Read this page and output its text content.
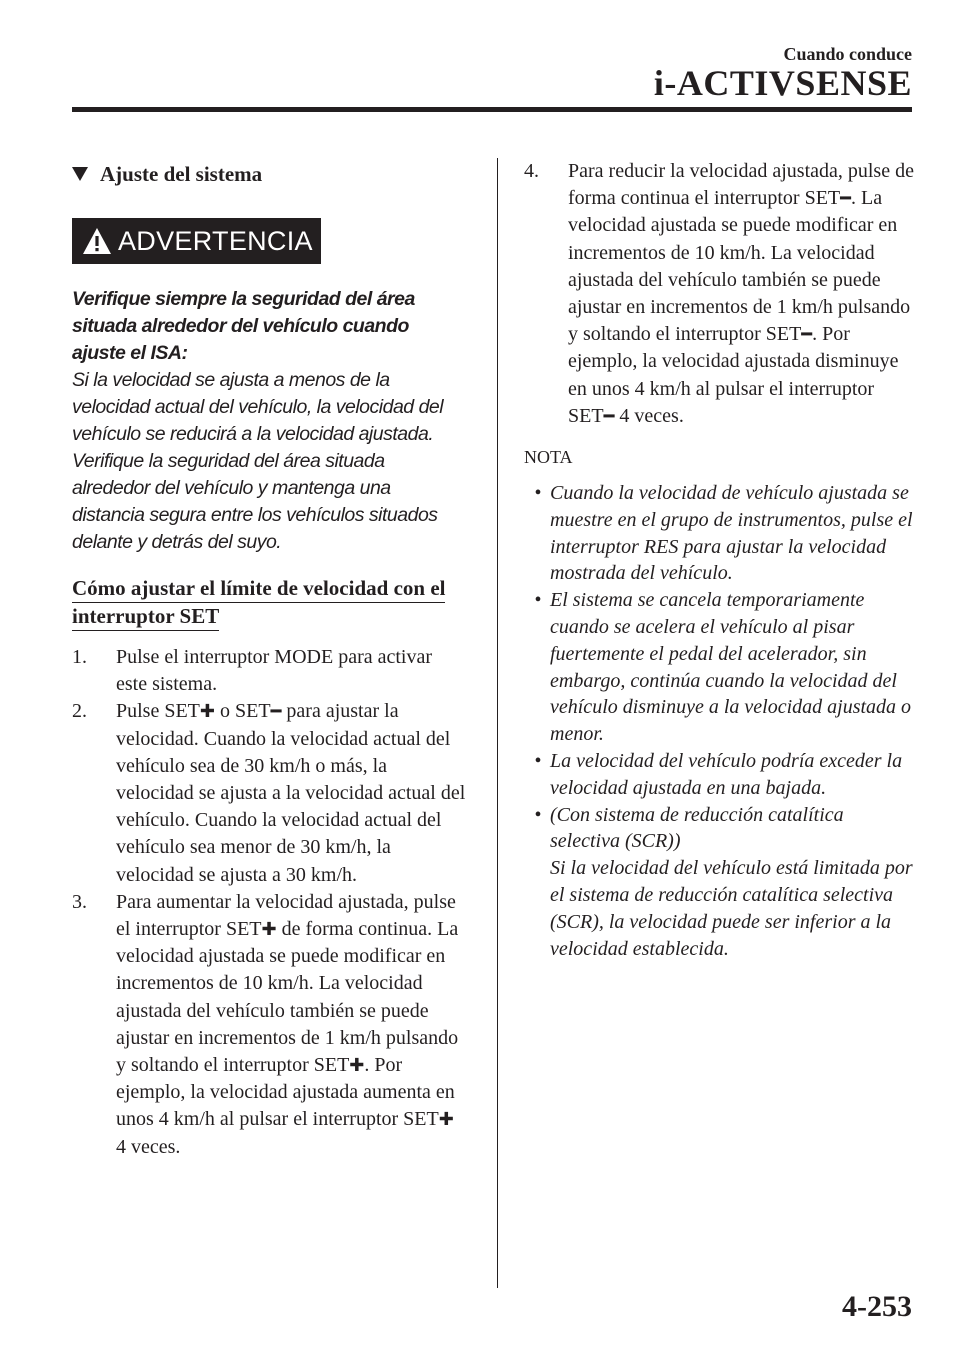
Cuando conduce
i-ACTIVSENSE
Ajuste del sistema
ADVERTENCIA
Verifique siempre la seguridad del área situada alrededor del vehículo cuando ajuste el ISA:
Si la velocidad se ajusta a menos de la velocidad actual del vehículo, la velocidad del vehículo se reducirá a la velocidad ajustada. Verifique la seguridad del área situada alrededor del vehículo y mantenga una distancia segura entre los vehículos situados delante y detrás del suyo.
Cómo ajustar el límite de velocidad con el interruptor SET
1.	Pulse el interruptor MODE para activar este sistema.
2.	Pulse SET✚ o SET━ para ajustar la velocidad. Cuando la velocidad actual del vehículo sea de 30 km/h o más, la velocidad se ajusta a la velocidad actual del vehículo. Cuando la velocidad actual del vehículo sea menor de 30 km/h, la velocidad se ajusta a 30 km/h.
3.	Para aumentar la velocidad ajustada, pulse el interruptor SET✚ de forma continua. La velocidad ajustada se puede modificar en incrementos de 10 km/h. La velocidad ajustada del vehículo también se puede ajustar en incrementos de 1 km/h pulsando y soltando el interruptor SET✚. Por ejemplo, la velocidad ajustada aumenta en unos 4 km/h al pulsar el interruptor SET✚ 4 veces.
4.	Para reducir la velocidad ajustada, pulse de forma continua el interruptor SET━. La velocidad ajustada se puede modificar en incrementos de 10 km/h. La velocidad ajustada del vehículo también se puede ajustar en incrementos de 1 km/h pulsando y soltando el interruptor SET━. Por ejemplo, la velocidad ajustada disminuye en unos 4 km/h al pulsar el interruptor SET━ 4 veces.
NOTA
• Cuando la velocidad de vehículo ajustada se muestre en el grupo de instrumentos, pulse el interruptor RES para ajustar la velocidad mostrada del vehículo.
• El sistema se cancela temporariamente cuando se acelera el vehículo al pisar fuertemente el pedal del acelerador, sin embargo, continúa cuando la velocidad del vehículo disminuye a la velocidad ajustada o menor.
• La velocidad del vehículo podría exceder la velocidad ajustada en una bajada.
• (Con sistema de reducción catalítica selectiva (SCR))
Si la velocidad del vehículo está limitada por el sistema de reducción catalítica selectiva (SCR), la velocidad puede ser inferior a la velocidad establecida.
4-253
